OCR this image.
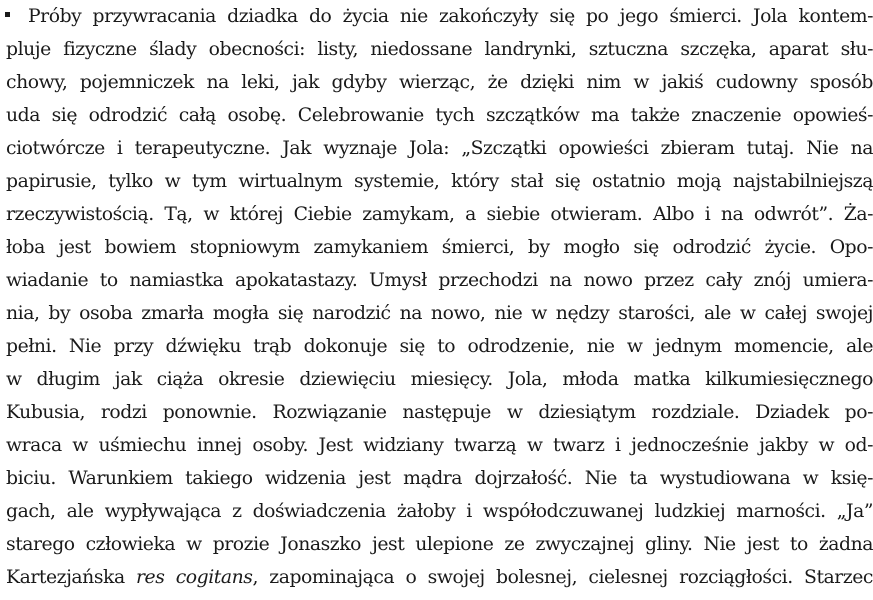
Próby przywracania dziadka do życia nie zakończyły się po jego śmierci. Jola kontem-
pluje fizyczne ślady obecności: listy, niedossane landrynki, sztuczna szczęka, aparat słu-
chowy, pojemniczek na leki, jak gdyby wierząc, że dzięki nim w jakiś cudowny sposób
uda się odrodzić całą osobę. Celebrowanie tych szczątków ma także znaczenie opowieś-
ciotwórcze i terapeutyczne. Jak wyznaje Jola: „Szczątki opowieści zbieram tutaj. Nie na
papirusie, tylko w tym wirtualnym systemie, który stał się ostatnio moją najstabilniejszą
rzeczywistością. Tą, w której Ciebie zamykam, a siebie otwieram. Albo i na odwrót”. Ża-
łoba jest bowiem stopniowym zamykaniem śmierci, by mogło się odrodzić życie. Opo-
wiadanie to namiastka apokatastazy. Umysł przechodzi na nowo przez cały znój umiera-
nia, by osoba zmarła mogła się narodzić na nowo, nie w nędzy starości, ale w całej swojej
pełni. Nie przy dźwięku trąb dokonuje się to odrodzenie, nie w jednym momencie, ale
w długim jak ciąża okresie dziewięciu miesięcy. Jola, młoda matka kilkumiesięcznego
Kubusia, rodzi ponownie. Rozwiązanie następuje w dziesiątym rozdziale. Dziadek po-
wraca w uśmiechu innej osoby. Jest widziany twarzą w twarz i jednocześnie jakby w od-
biciu. Warunkiem takiego widzenia jest mądra dojrzałość. Nie ta wystudiowana w księ-
gach, ale wypływająca z doświadczenia żałoby i współodczuwanej ludzkiej marności. „Ja”
starego człowieka w prozie Jonaszko jest ulepione ze zwyczajnej gliny. Nie jest to żadna
Kartezjańska res cogitans, zapominająca o swojej bolesnej, cielesnej rozciągłości. Starzec
